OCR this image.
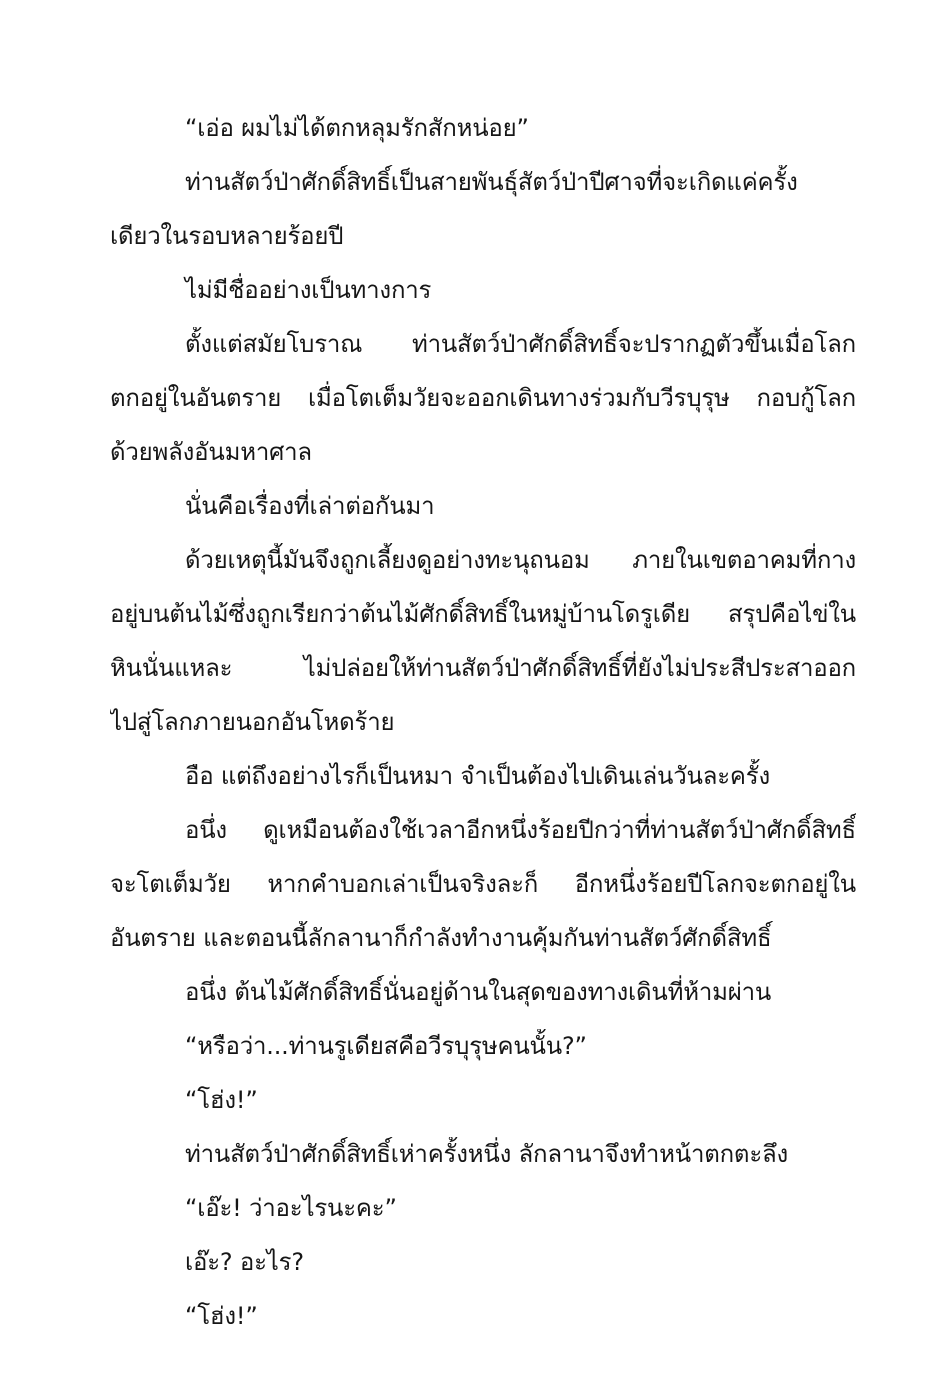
“เอ่อ ผมไม่ได้ตกหลุมรักสักหน่อย”
ท่านสัตว์ป่าศักดิ์สิทธิ์เป็นสายพันธุ์สัตว์ป่าปีศาจที่จะเกิดแค่ครั้ง
เดียวในรอบหลายร้อยปี
ไม่มีชื่ออย่างเป็นทางการ
ตั้งแต่สมัยโบราณ ท่านสัตว์ป่าศักดิ์สิทธิ์จะปรากฏตัวขึ้นเมื่อโลก
ตกอยู่ในอันตราย เมื่อโตเต็มวัยจะออกเดินทางร่วมกับวีรบุรุษ กอบกู้โลก
ด้วยพลังอันมหาศาล
นั่นคือเรื่องที่เล่าต่อกันมา
ด้วยเหตุนี้มันจึงถูกเลี้ยงดูอย่างทะนุถนอม ภายในเขตอาคมที่กาง
อยู่บนต้นไม้ซึ่งถูกเรียกว่าต้นไม้ศักดิ์สิทธิ์ในหมู่บ้านโดรูเดีย สรุปคือไข่ใน
หินนั่นแหละ ไม่ปล่อยให้ท่านสัตว์ป่าศักดิ์สิทธิ์ที่ยังไม่ประสีประสาออก
ไปสู่โลกภายนอกอันโหดร้าย
อือ แต่ถึงอย่างไรก็เป็นหมา จำเป็นต้องไปเดินเล่นวันละครั้ง
อนึ่ง ดูเหมือนต้องใช้เวลาอีกหนึ่งร้อยปีกว่าที่ท่านสัตว์ป่าศักดิ์สิทธิ์
จะโตเต็มวัย หากคำบอกเล่าเป็นจริงละก็ อีกหนึ่งร้อยปีโลกจะตกอยู่ใน
อันตราย และตอนนี้ลักลานาก็กำลังทำงานคุ้มกันท่านสัตว์ศักดิ์สิทธิ์
อนึ่ง ต้นไม้ศักดิ์สิทธิ์นั่นอยู่ด้านในสุดของทางเดินที่ห้ามผ่าน
“หรือว่า...ท่านรูเดียสคือวีรบุรุษคนนั้น?”
“โฮ่ง!”
ท่านสัตว์ป่าศักดิ์สิทธิ์เห่าครั้งหนึ่ง ลักลานาจึงทำหน้าตกตะลึง
“เอ๊ะ! ว่าอะไรนะคะ”
เอ๊ะ? อะไร?
“โฮ่ง!”
